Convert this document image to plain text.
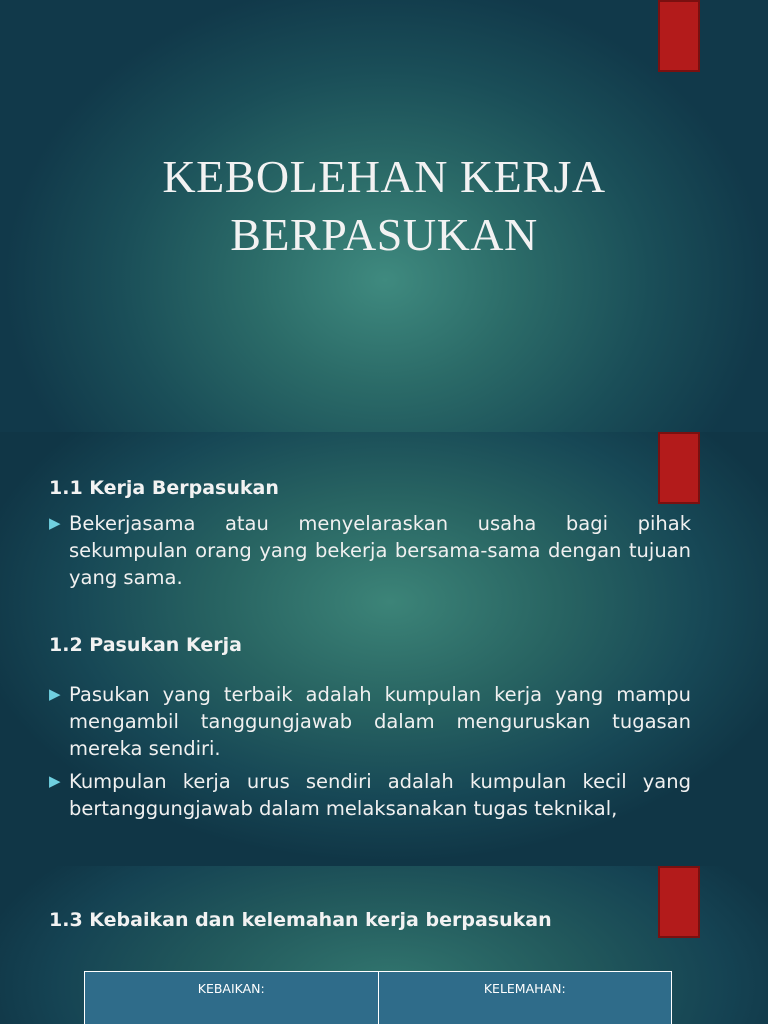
KEBOLEHAN KERJA
BERPASUKAN
1.1 Kerja Berpasukan
▶ Bekerjasama atau menyelaraskan usaha bagi pihak sekumpulan orang yang bekerja bersama-sama dengan tujuan yang sama.
1.2 Pasukan Kerja
▶ Pasukan yang terbaik adalah kumpulan kerja yang mampu mengambil tanggungjawab dalam menguruskan tugasan mereka sendiri.
▶ Kumpulan kerja urus sendiri adalah kumpulan kecil yang bertanggungjawab dalam melaksanakan tugas teknikal,
1.3 Kebaikan dan kelemahan kerja berpasukan
KEBAIKAN:	KELEMAHAN:
